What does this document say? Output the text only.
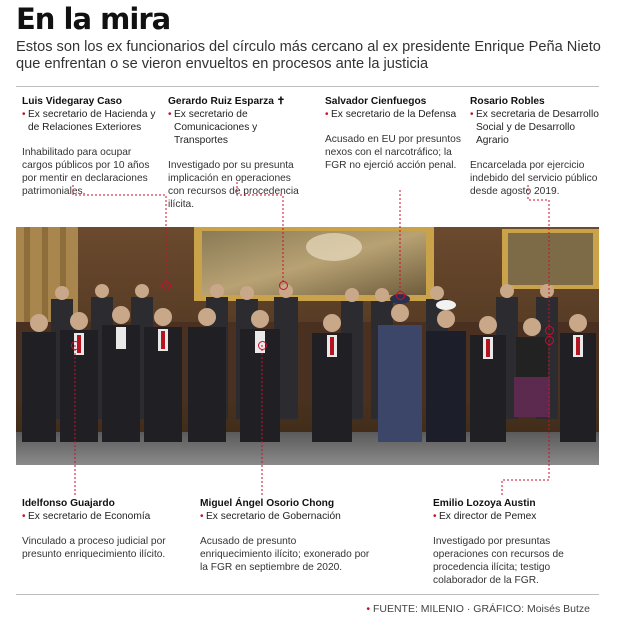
En la mira

Estos son los ex funcionarios del círculo más cercano al ex presidente Enrique Peña Nieto que enfrentan o se vieron envueltos en procesos ante la justicia

Luis Videgaray Caso
• Ex secretario de Hacienda y de Relaciones Exteriores
Inhabilitado para ocupar cargos públicos por 10 años por mentir en declaraciones patrimoniales.
Gerardo Ruiz Esparza ✝
• Ex secretario de Comunicaciones y Transportes
Investigado por su presunta implicación en operaciones con recursos de procedencia ilícita.
Salvador Cienfuegos
• Ex secretario de la Defensa
Acusado en EU por presuntos nexos con el narcotráfico; la FGR no ejerció acción penal.
Rosario Robles
• Ex secretaria de Desarrollo Social y de Desarrollo Agrario
Encarcelada por ejercicio indebido del servicio público desde agosto 2019.
Idelfonso Guajardo
• Ex secretario de Economía
Vinculado a proceso judicial por presunto enriquecimiento ilícito.
Miguel Ángel Osorio Chong
• Ex secretario de Gobernación
Acusado de presunto enriquecimiento ilícito; exonerado por la FGR en septiembre de 2020.
Emilio Lozoya Austin
• Ex director de Pemex
Investigado por presuntas operaciones con recursos de procedencia ilícita; testigo colaborador de la FGR.
• FUENTE: MILENIO · GRÁFICO: Moisés Butze
